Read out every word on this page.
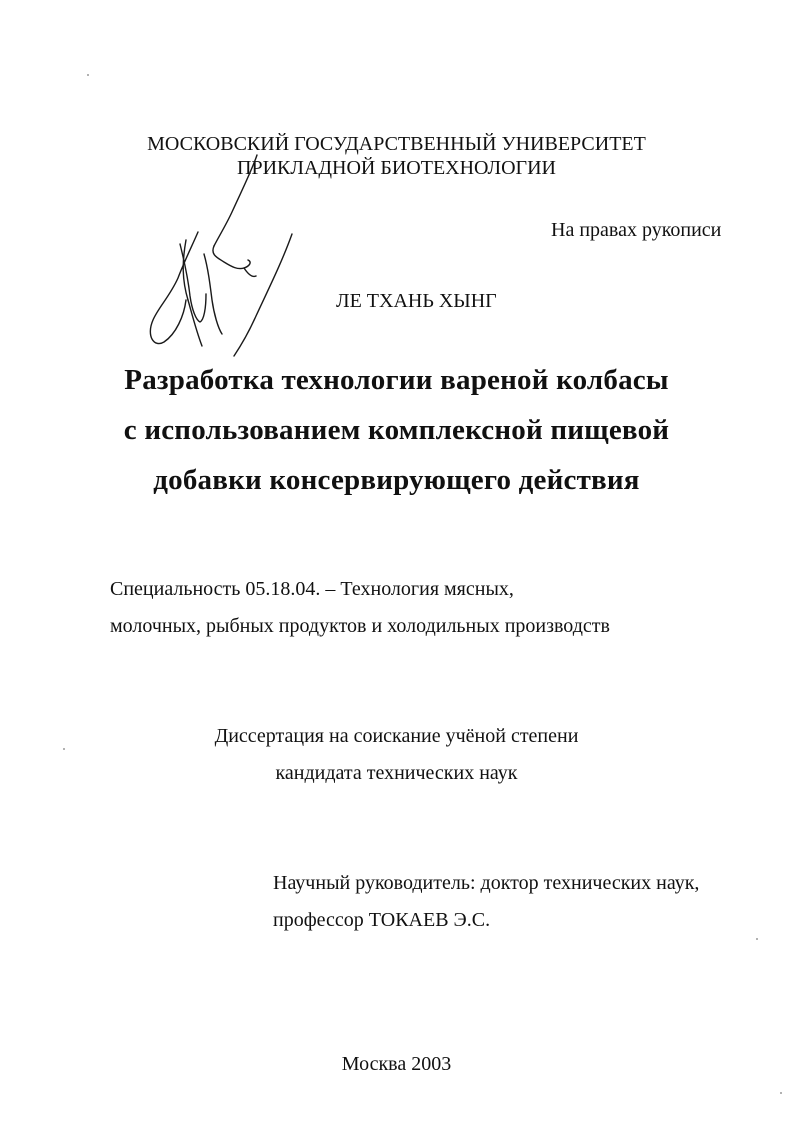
МОСКОВСКИЙ ГОСУДАРСТВЕННЫЙ УНИВЕРСИТЕТ
ПРИКЛАДНОЙ БИОТЕХНОЛОГИИ
На правах рукописи
ЛЕ ТХАНЬ ХЫНГ
Разработка технологии вареной колбасы
с использованием комплексной пищевой
добавки консервирующего действия
Специальность 05.18.04. – Технология мясных,
молочных, рыбных продуктов и холодильных производств
Диссертация на соискание учёной степени
кандидата технических наук
Научный руководитель: доктор технических наук,
профессор ТОКАЕВ Э.С.
Москва 2003
